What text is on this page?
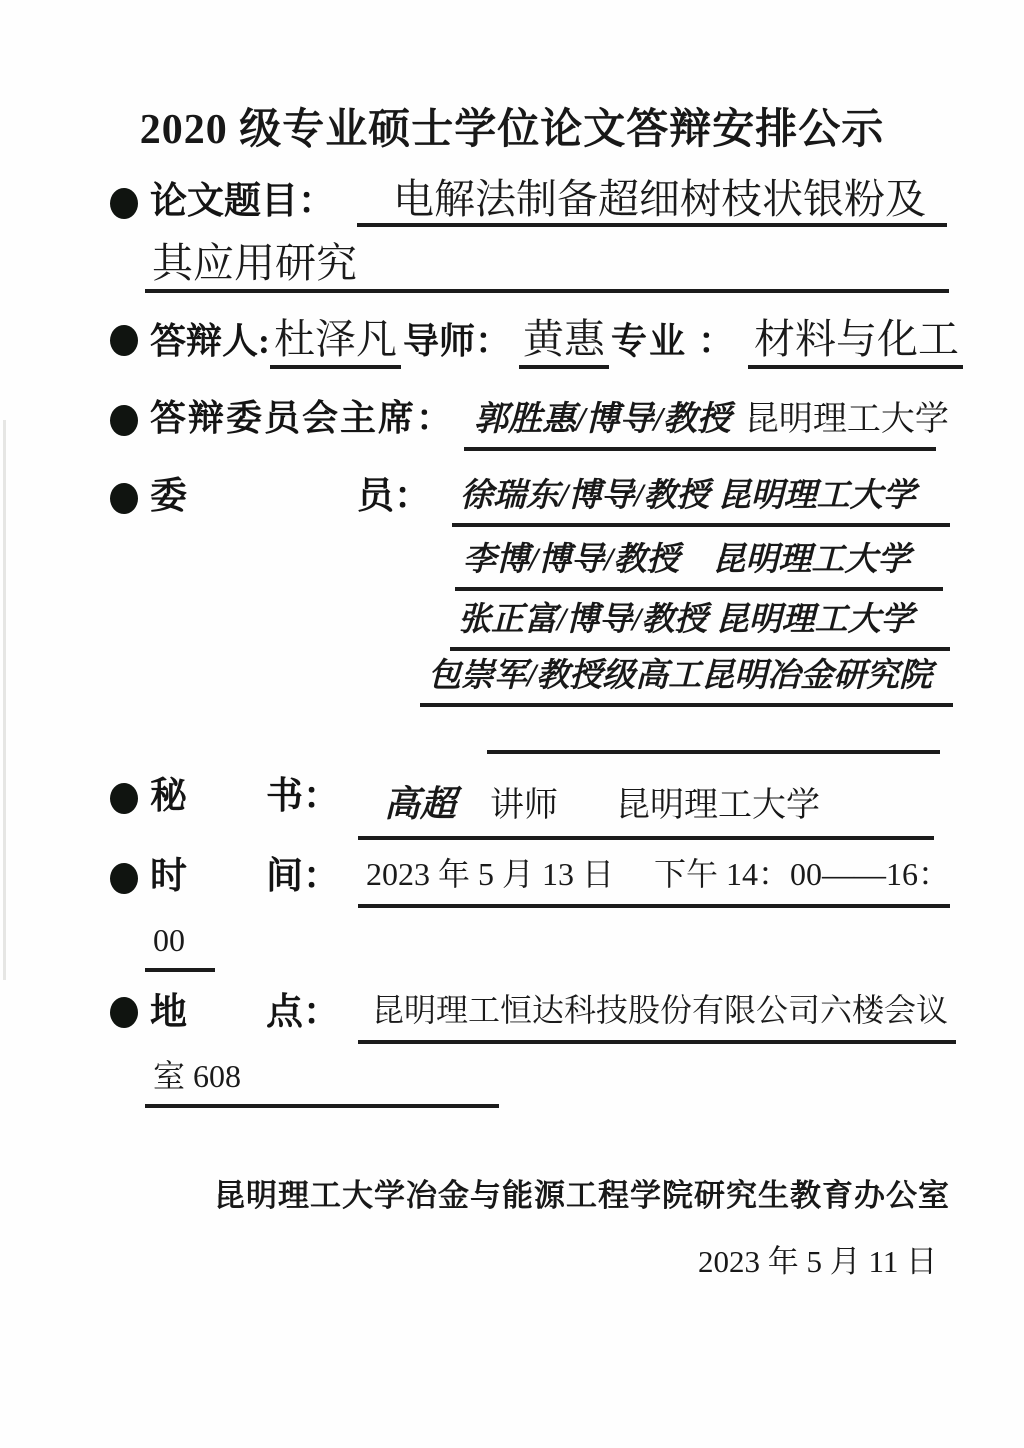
2020 级专业硕士学位论文答辩安排公示
论文题目：	电解法制备超细树枝状银粉及
其应用研究
答辩人: 杜泽凡 导师： 黄惠 专业 ： 材料与化工
答辩委员会主席： 郭胜惠/博导/教授 昆明理工大学
委	员： 徐瑞东/博导/教授 昆明理工大学
李博/博导/教授　昆明理工大学
张正富/博导/教授 昆明理工大学
包崇军/教授级高工昆明冶金研究院
秘 书： 高超 讲师 昆明理工大学
时 间： 2023 年 5 月 13 日　 下午 14：00——16：
00
地 点：	昆明理工恒达科技股份有限公司六楼会议
室 608
昆明理工大学冶金与能源工程学院研究生教育办公室
2023 年 5 月 11 日
